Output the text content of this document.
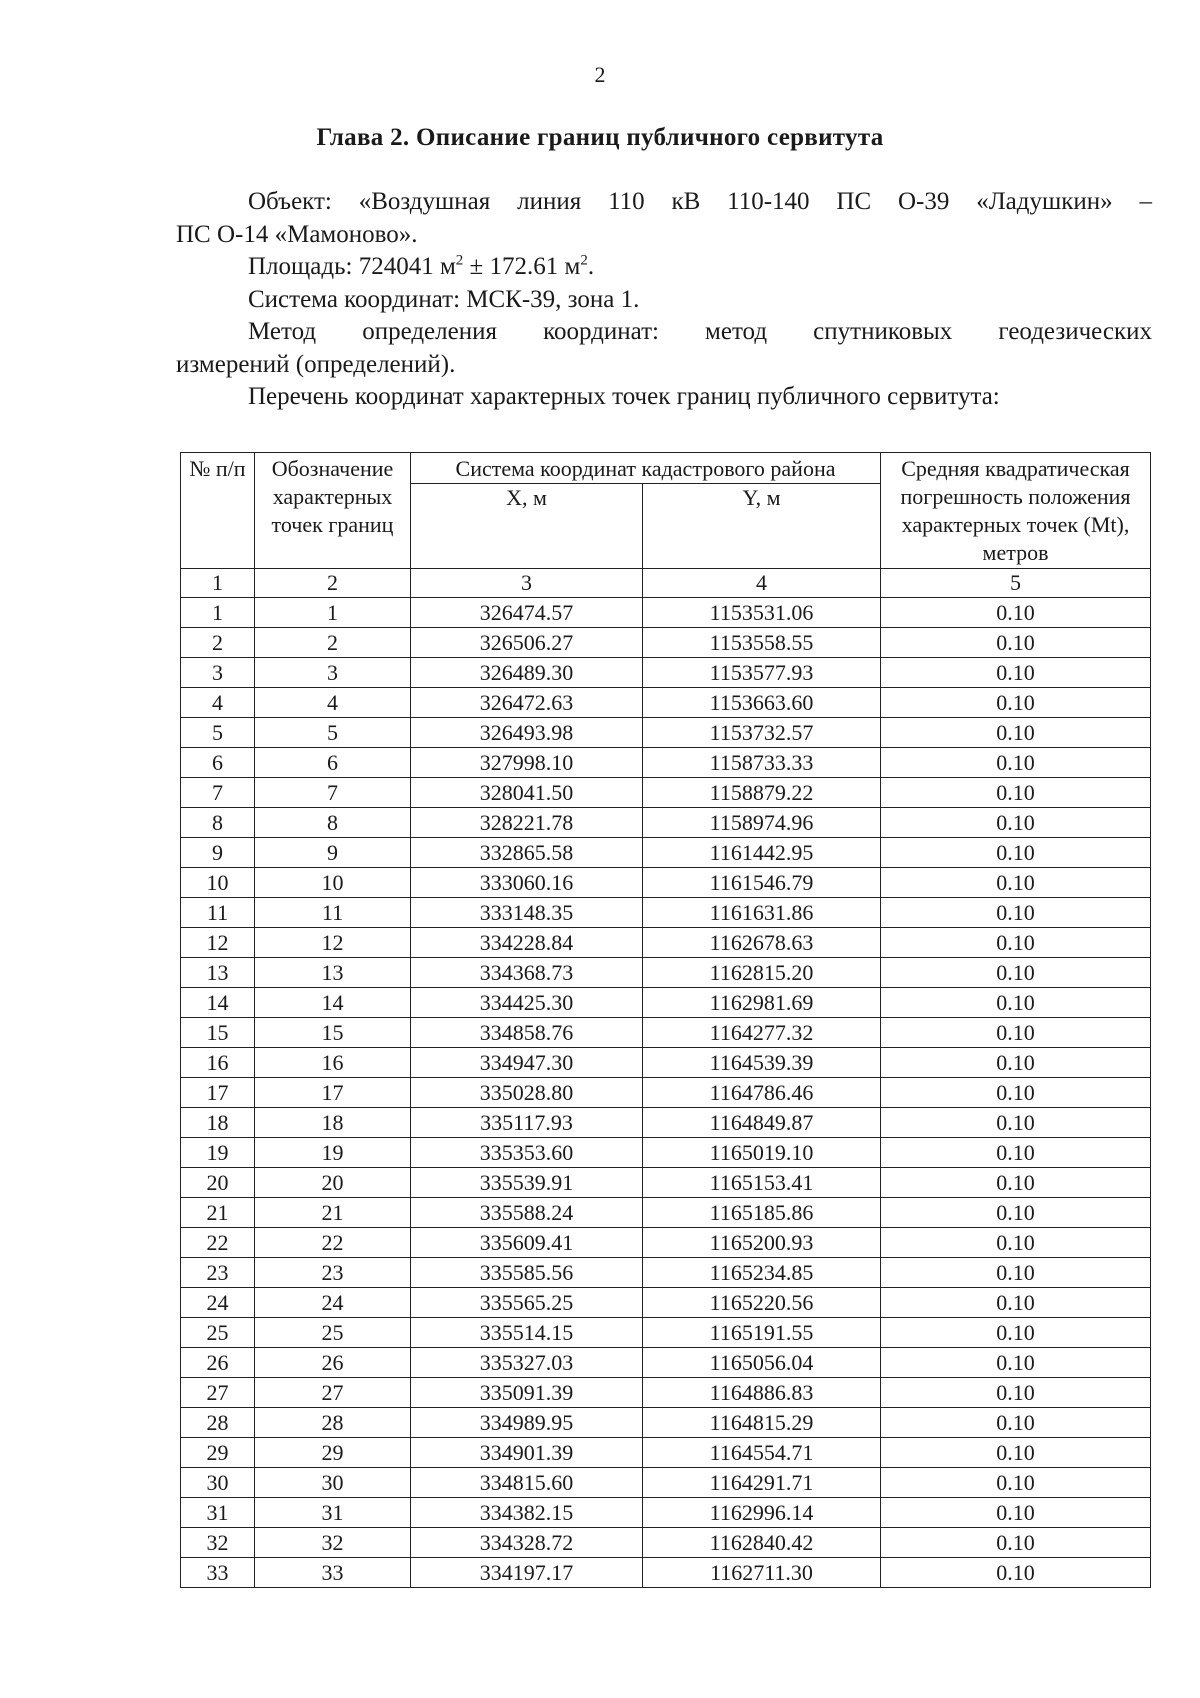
2
Глава 2. Описание границ публичного сервитута

Объект: «Воздушная линия 110 кВ 110-140 ПС О-39 «Ладушкин» –

ПС О-14 «Мамоново».

Площадь: 724041 $м^2 \pm 172.61$ $м^2$.

Система координат: МСК-39, зона 1.

Метод определения координат: метод спутниковых геодезических

измерений (определений).

Перечень координат характерных точек границ публичного сервитута:

№ п/п	Обозначение характерных точек границ	Система координат кадастрового района		Средняя квадратическая погрешность положения характерных точек (Mt), метров
		X, м	Y, м	
1	2	3	4	5
1	1	326474.57	1153531.06	0.10
2	2	326506.27	1153558.55	0.10
3	3	326489.30	1153577.93	0.10
4	4	326472.63	1153663.60	0.10
5	5	326493.98	1153732.57	0.10
6	6	327998.10	1158733.33	0.10
7	7	328041.50	1158879.22	0.10
8	8	328221.78	1158974.96	0.10
9	9	332865.58	1161442.95	0.10
10	10	333060.16	1161546.79	0.10
11	11	333148.35	1161631.86	0.10
12	12	334228.84	1162678.63	0.10
13	13	334368.73	1162815.20	0.10
14	14	334425.30	1162981.69	0.10
15	15	334858.76	1164277.32	0.10
16	16	334947.30	1164539.39	0.10
17	17	335028.80	1164786.46	0.10
18	18	335117.93	1164849.87	0.10
19	19	335353.60	1165019.10	0.10
20	20	335539.91	1165153.41	0.10
21	21	335588.24	1165185.86	0.10
22	22	335609.41	1165200.93	0.10
23	23	335585.56	1165234.85	0.10
24	24	335565.25	1165220.56	0.10
25	25	335514.15	1165191.55	0.10
26	26	335327.03	1165056.04	0.10
27	27	335091.39	1164886.83	0.10
28	28	334989.95	1164815.29	0.10
29	29	334901.39	1164554.71	0.10
30	30	334815.60	1164291.71	0.10
31	31	334382.15	1162996.14	0.10
32	32	334328.72	1162840.42	0.10
33	33	334197.17	1162711.30	0.10
